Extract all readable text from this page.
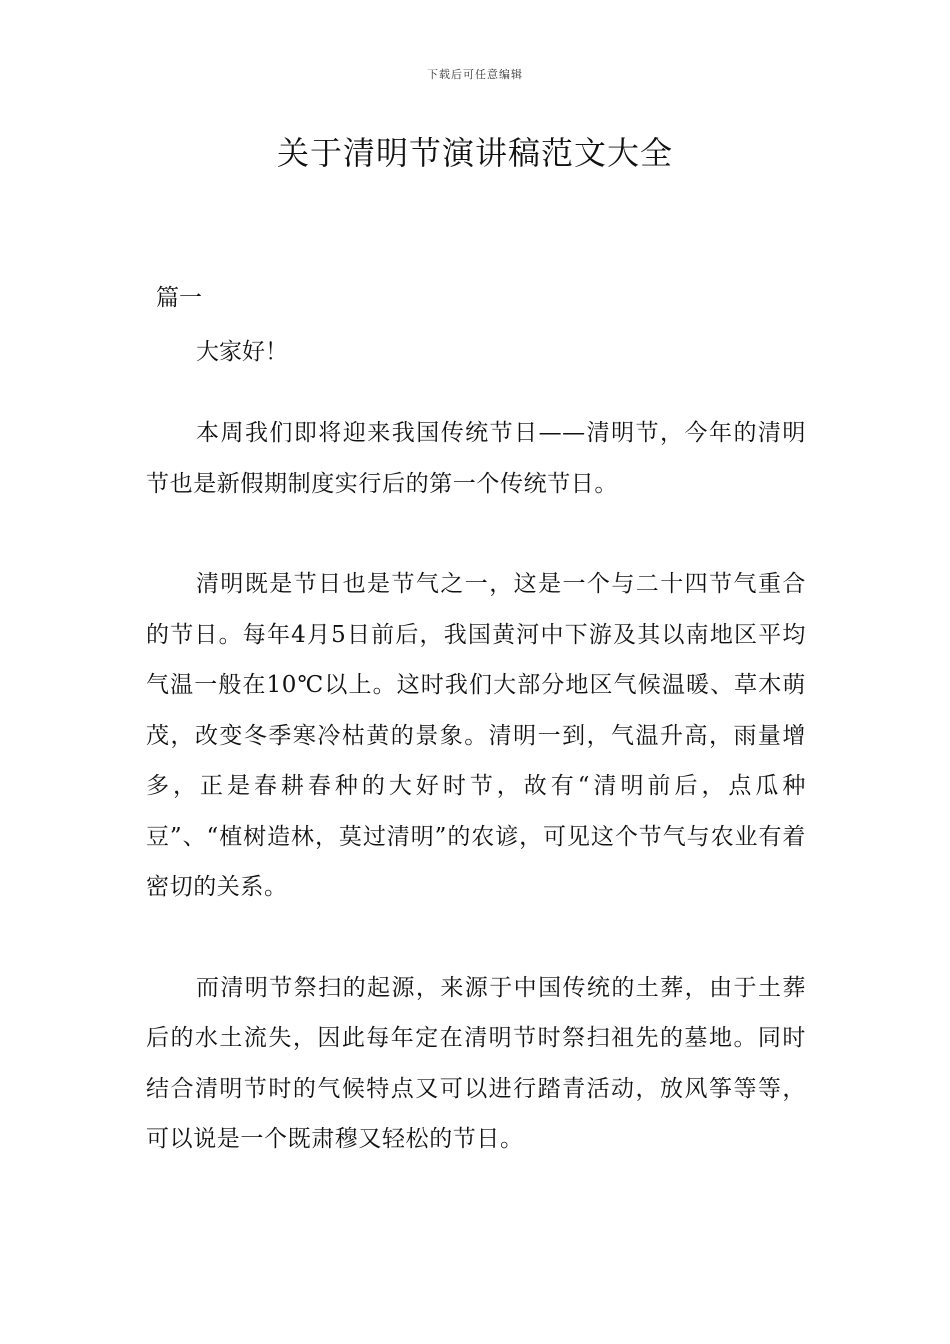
下载后可任意编辑
关于清明节演讲稿范文大全

篇一

大家好！

本周我们即将迎来我国传统节日——清明节，今年的清明节也是新假期制度实行后的第一个传统节日。

清明既是节日也是节气之一，这是一个与二十四节气重合的节日。每年4月5日前后，我国黄河中下游及其以南地区平均气温一般在10℃以上。这时我们大部分地区气候温暖、草木萌茂，改变冬季寒冷枯黄的景象。清明一到，气温升高，雨量增多，正是春耕春种的大好时节，故有“清明前后，点瓜种豆”、“植树造林，莫过清明”的农谚，可见这个节气与农业有着密切的关系。

而清明节祭扫的起源，来源于中国传统的土葬，由于土葬后的水土流失，因此每年定在清明节时祭扫祖先的墓地。同时结合清明节时的气候特点又可以进行踏青活动，放风筝等等，可以说是一个既肃穆又轻松的节日。
